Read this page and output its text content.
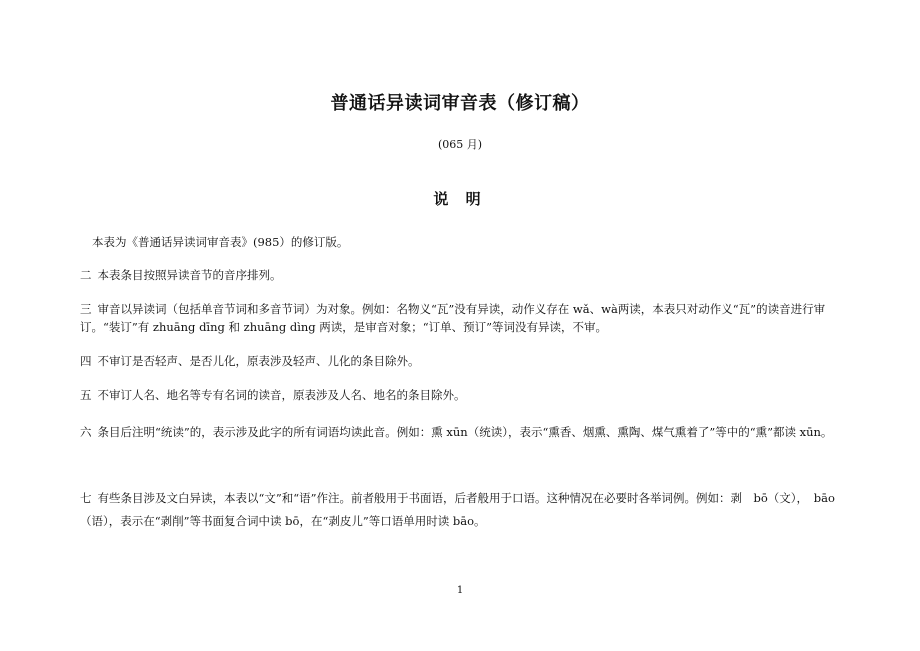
普通话异读词审音表（修订稿）
(065 月)
说 明

本表为《普通话异读词审音表》(985）的修订版。

二 本表条目按照异读音节的音序排列。

三 审音以异读词（包括单音节词和多音节词）为对象。例如：名物义“瓦”没有异读，动作义存在 wǎ、wà两读，本表只对动作义“瓦”的读音进行审订。“装订”有 zhuāng dīng 和 zhuāng dìng 两读，是审音对象；“订单、预订”等词没有异读，不审。

四 不审订是否轻声、是否儿化，原表涉及轻声、儿化的条目除外。

五 不审订人名、地名等专有名词的读音，原表涉及人名、地名的条目除外。

六 条目后注明“统读”的，表示涉及此字的所有词语均读此音。例如：熏 xūn（统读），表示“熏香、烟熏、熏陶、煤气熏着了”等中的“熏”都读 xūn。

七 有些条目涉及文白异读，本表以“文”和“语”作注。前者般用于书面语，后者般用于口语。这种情况在必要时各举词例。例如：剥　bō（文），　bāo（语），表示在“剥削”等书面复合词中读 bō，在“剥皮儿”等口语单用时读 bāo。

1
